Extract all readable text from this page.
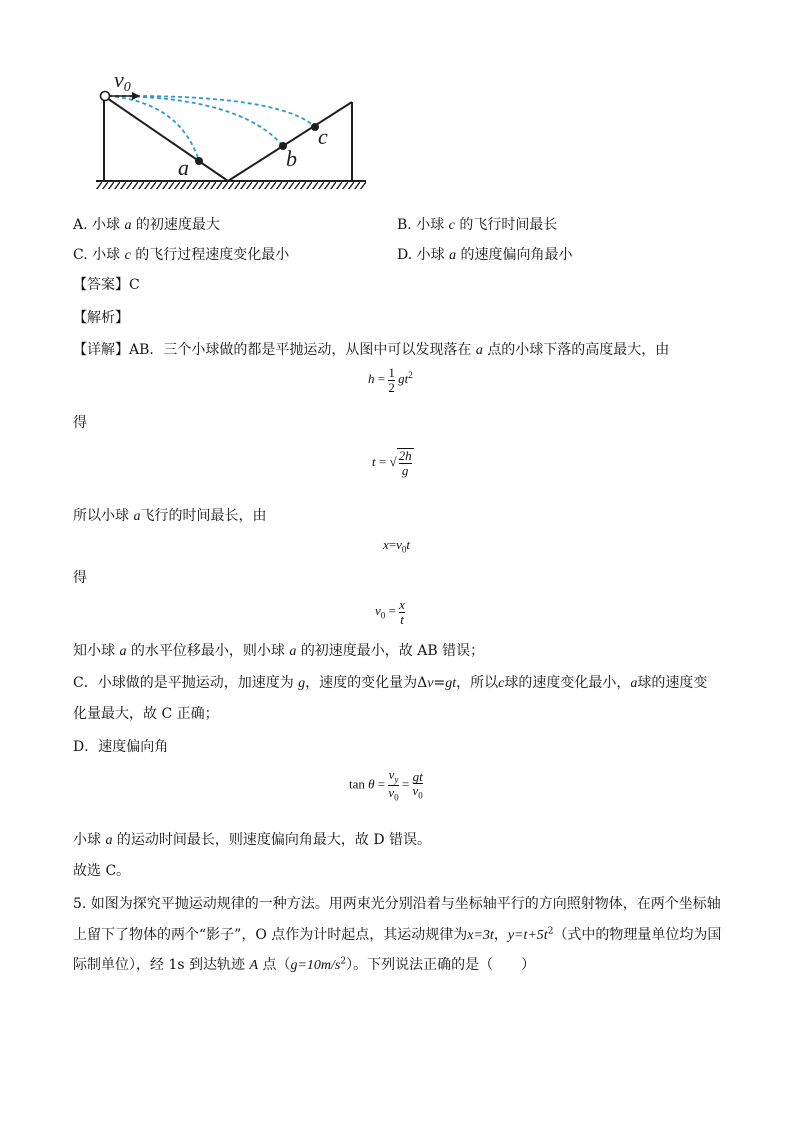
v0
a	b
c
A. 小球 a 的初速度最大	B. 小球 c 的飞行时间最长
C. 小球 c 的飞行过程速度变化最小	D. 小球 a 的速度偏向角最小
【答案】C
【解析】
【详解】AB．三个小球做的都是平抛运动，从图中可以发现落在 a 点的小球下落的高度最大，由
$h = \frac{1}{2} gt^2$
得
t = √ $\frac{2h}{g}$
所以小球 a飞行的时间最长，由
$x=v_0t$
得
$v_0 = \frac{x}{t}$
知小球 a 的水平位移最小，则小球 a 的初速度最小，故 AB 错误；
C．小球做的是平抛运动，加速度为 g，速度的变化量为Δv=gt，所以c球的速度变化最小，a球的速度变
化量最大，故 C 正确；
D．速度偏向角
$\tan \theta = \frac{v_y}{v_0} = \frac{gt}{v_0}$
小球 a 的运动时间最长，则速度偏向角最大，故 D 错误。
故选 C。
5. 如图为探究平抛运动规律的一种方法。用两束光分别沿着与坐标轴平行的方向照射物体，在两个坐标轴
上留下了物体的两个“影子”，O 点作为计时起点，其运动规律为x=3t，$y=t+5t^2$（式中的物理量单位均为国
际制单位），经 1s 到达轨迹 A 点$(g=10m/s^2)$。下列说法正确的是（　　）
